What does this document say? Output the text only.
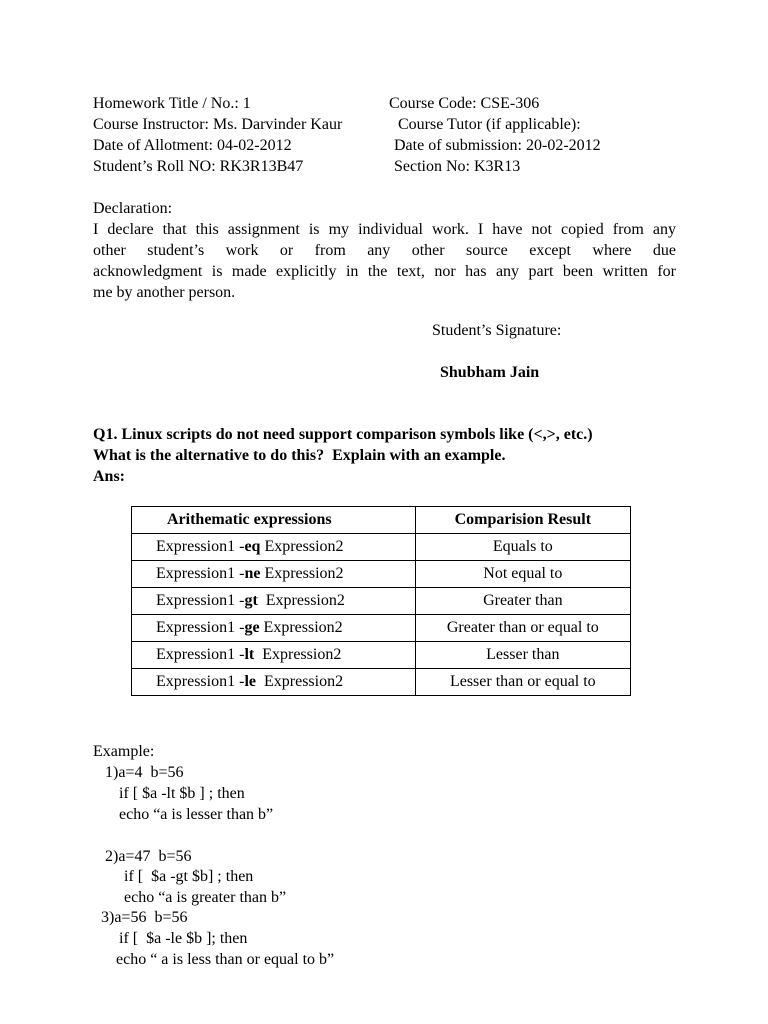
Homework Title / No.: 1	Course Code: CSE-306
Course Instructor: Ms. Darvinder Kaur	Course Tutor (if applicable):
Date of Allotment: 04-02-2012	Date of submission: 20-02-2012
Student’s Roll NO: RK3R13B47	Section No: K3R13
Declaration:
I declare that this assignment is my individual work. I have not copied from any
other student’s work or from any other source except where due
acknowledgment is made explicitly in the text, nor has any part been written for
me by another person.
Student’s Signature:
Shubham Jain
Q1. Linux scripts do not need support comparison symbols like (<,>, etc.)
What is the alternative to do this?  Explain with an example.
Ans:
Arithematic expressions	Comparision Result
Expression1 -eq Expression2	Equals to
Expression1 -ne Expression2	Not equal to
Expression1 -gt  Expression2	Greater than
Expression1 -ge Expression2	Greater than or equal to
Expression1 -lt  Expression2	Lesser than
Expression1 -le  Expression2	Lesser than or equal to
Example:
1)a=4  b=56
if [ $a -lt $b ] ; then
echo “a is lesser than b”
2)a=47  b=56
if [  $a -gt $b] ; then
echo “a is greater than b”
3)a=56  b=56
if [  $a -le $b ]; then
echo “ a is less than or equal to b”
